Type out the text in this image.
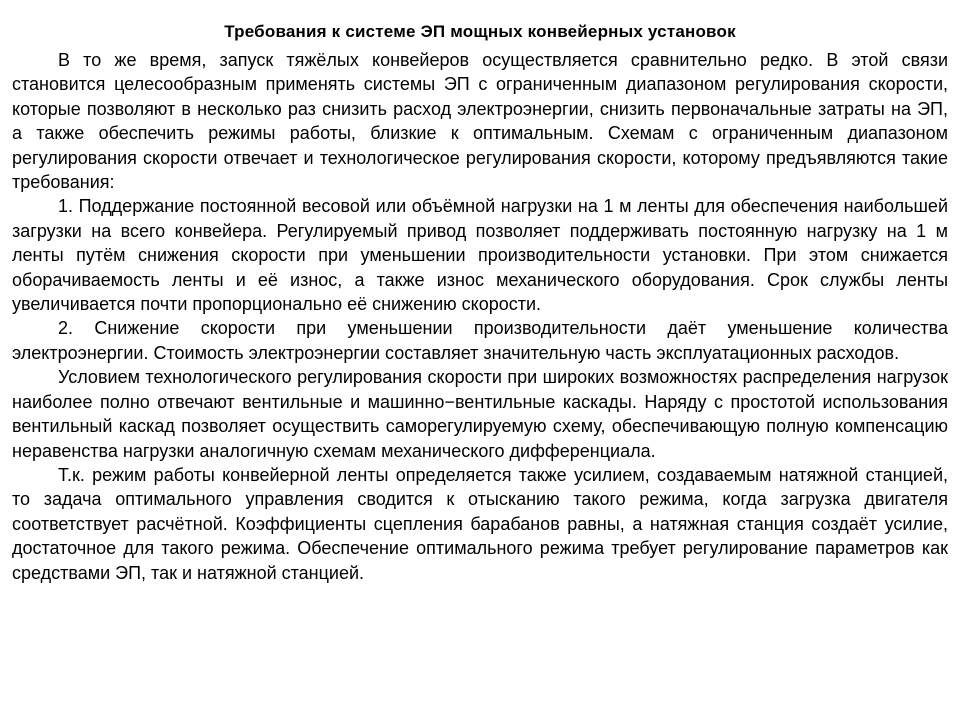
Требования к системе ЭП мощных конвейерных установок

В то же время, запуск тяжёлых конвейеров осуществляется сравнительно редко. В этой связи становится целесообразным применять системы ЭП с ограниченным диапазоном регулирования скорости, которые позволяют в несколько раз снизить расход электроэнергии, снизить первоначальные затраты на ЭП, а также обеспечить режимы работы, близкие к оптимальным. Схемам с ограниченным диапазоном регулирования скорости отвечает и технологическое регулирования скорости, которому предъявляются такие требования:

1. Поддержание постоянной весовой или объёмной нагрузки на 1 м ленты для обеспечения наибольшей загрузки на всего конвейера. Регулируемый привод позволяет поддерживать постоянную нагрузку на 1 м ленты путём снижения скорости при уменьшении производительности установки. При этом снижается оборачиваемость ленты и её износ, а также износ механического оборудования. Срок службы ленты увеличивается почти пропорционально её снижению скорости.

2. Снижение скорости при уменьшении производительности даёт уменьшение количества электроэнергии. Стоимость электроэнергии составляет значительную часть эксплуатационных расходов.

Условием технологического регулирования скорости при широких возможностях распределения нагрузок наиболее полно отвечают вентильные и машинно−вентильные каскады. Наряду с простотой использования вентильный каскад позволяет осуществить саморегулируемую схему, обеспечивающую полную компенсацию неравенства нагрузки аналогичную схемам механического дифференциала.

Т.к. режим работы конвейерной ленты определяется также усилием, создаваемым натяжной станцией, то задача оптимального управления сводится к отысканию такого режима, когда загрузка двигателя соответствует расчётной. Коэффициенты сцепления барабанов равны, а натяжная станция создаёт усилие, достаточное для такого режима. Обеспечение оптимального режима требует регулирование параметров как средствами ЭП, так и натяжной станцией.
